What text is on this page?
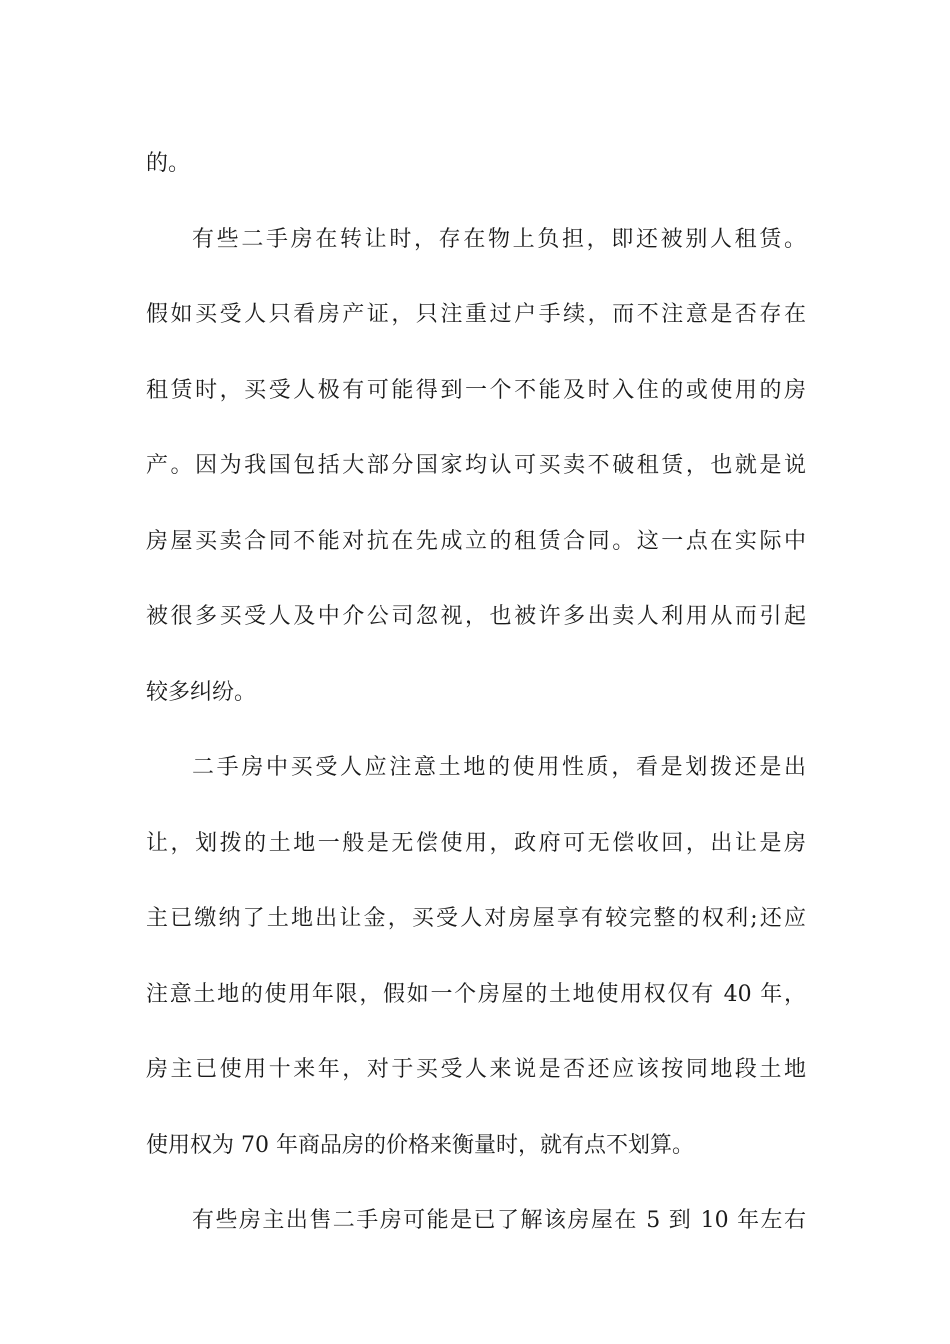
的。
有些二手房在转让时，存在物上负担，即还被别人租赁。
假如买受人只看房产证，只注重过户手续，而不注意是否存在
租赁时，买受人极有可能得到一个不能及时入住的或使用的房
产。因为我国包括大部分国家均认可买卖不破租赁，也就是说
房屋买卖合同不能对抗在先成立的租赁合同。这一点在实际中
被很多买受人及中介公司忽视，也被许多出卖人利用从而引起
较多纠纷。
二手房中买受人应注意土地的使用性质，看是划拨还是出
让，划拨的土地一般是无偿使用，政府可无偿收回，出让是房
主已缴纳了土地出让金，买受人对房屋享有较完整的权利;还应
注意土地的使用年限，假如一个房屋的土地使用权仅有 40 年，
房主已使用十来年，对于买受人来说是否还应该按同地段土地
使用权为 70 年商品房的价格来衡量时，就有点不划算。
有些房主出售二手房可能是已了解该房屋在 5 到 10 年左右
